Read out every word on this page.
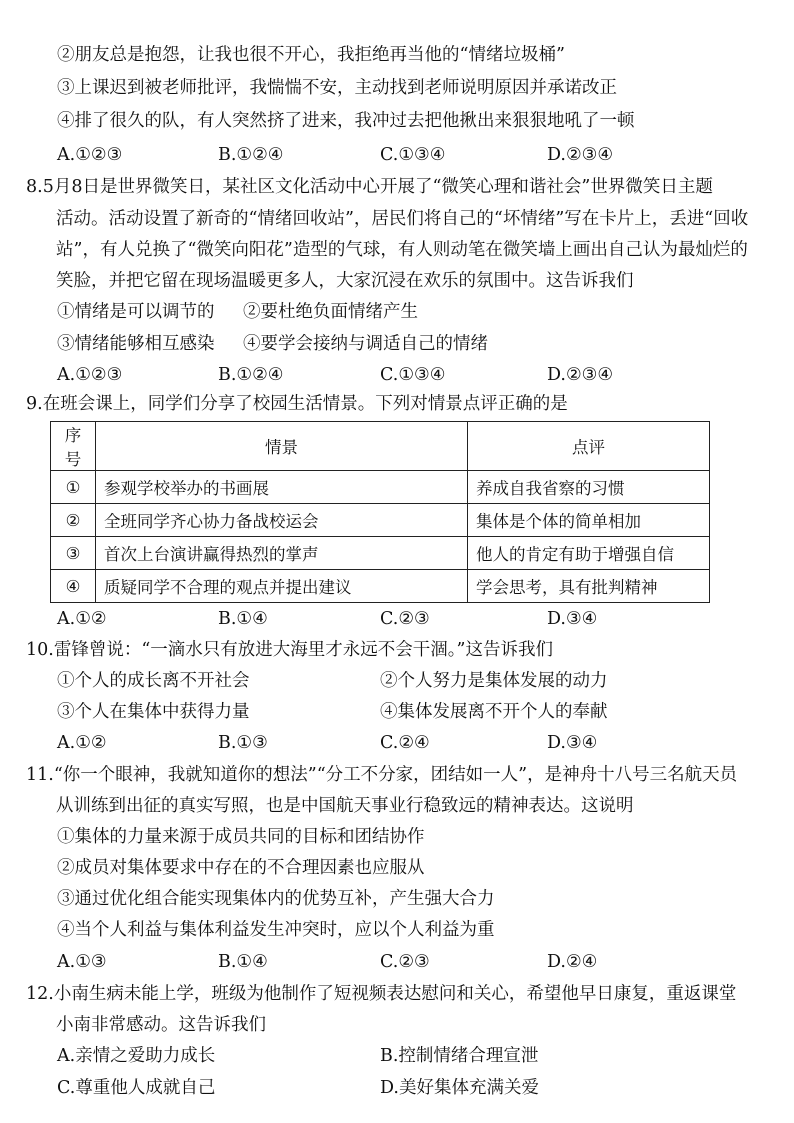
②朋友总是抱怨，让我也很不开心，我拒绝再当他的“情绪垃圾桶”
③上课迟到被老师批评，我惴惴不安，主动找到老师说明原因并承诺改正
④排了很久的队，有人突然挤了进来，我冲过去把他揪出来狠狠地吼了一顿
A.①②③	B.①②④	C.①③④	D.②③④
8.5月8日是世界微笑日，某社区文化活动中心开展了“微笑心理和谐社会”世界微笑日主题
活动。活动设置了新奇的“情绪回收站”，居民们将自己的“坏情绪”写在卡片上，丢进“回收
站”，有人兑换了“微笑向阳花”造型的气球，有人则动笔在微笑墙上画出自己认为最灿烂的
笑脸，并把它留在现场温暖更多人，大家沉浸在欢乐的氛围中。这告诉我们
①情绪是可以调节的 ②要杜绝负面情绪产生
③情绪能够相互感染 ④要学会接纳与调适自己的情绪
A.①②③	B.①②④	C.①③④	D.②③④
9.在班会课上，同学们分享了校园生活情景。下列对情景点评正确的是
序号	情景	点评
①	参观学校举办的书画展	养成自我省察的习惯
②	全班同学齐心协力备战校运会	集体是个体的简单相加
③	首次上台演讲赢得热烈的掌声	他人的肯定有助于增强自信
④	质疑同学不合理的观点并提出建议	学会思考，具有批判精神
A.①②	B.①④	C.②③	D.③④
10.雷锋曾说：“一滴水只有放进大海里才永远不会干涸。”这告诉我们
①个人的成长离不开社会	②个人努力是集体发展的动力
③个人在集体中获得力量	④集体发展离不开个人的奉献
A.①②	B.①③	C.②④	D.③④
11.“你一个眼神，我就知道你的想法”“分工不分家，团结如一人”，是神舟十八号三名航天员
从训练到出征的真实写照，也是中国航天事业行稳致远的精神表达。这说明
①集体的力量来源于成员共同的目标和团结协作
②成员对集体要求中存在的不合理因素也应服从
③通过优化组合能实现集体内的优势互补，产生强大合力
④当个人利益与集体利益发生冲突时，应以个人利益为重
A.①③	B.①④	C.②③	D.②④
12.小南生病未能上学，班级为他制作了短视频表达慰问和关心，希望他早日康复，重返课堂
小南非常感动。这告诉我们
A.亲情之爱助力成长	B.控制情绪合理宣泄
C.尊重他人成就自己	D.美好集体充满关爱
